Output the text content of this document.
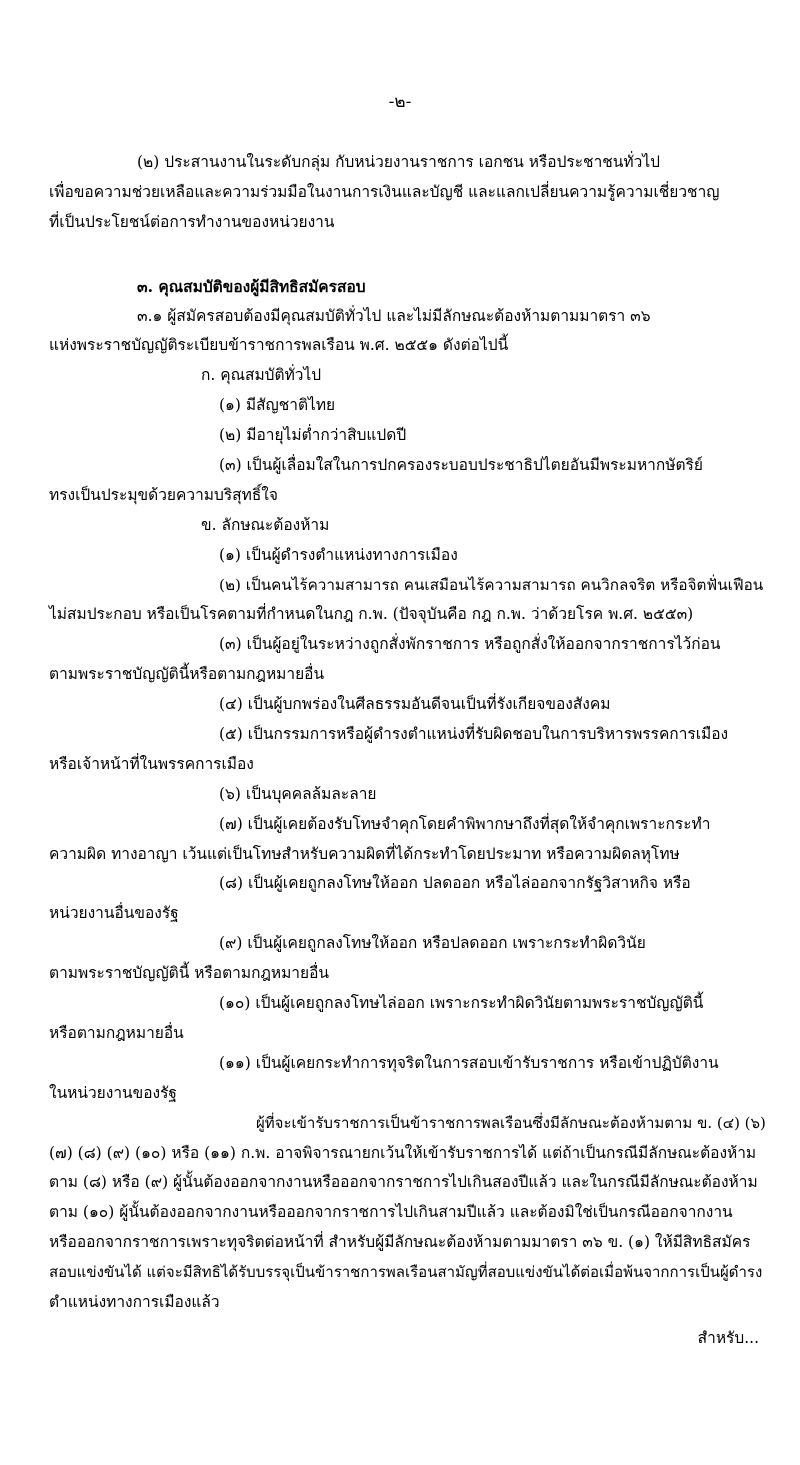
-๒-
(๒) ประสานงานในระดับกลุ่ม กับหน่วยงานราชการ เอกชน หรือประชาชนทั่วไป
เพื่อขอความช่วยเหลือและความร่วมมือในงานการเงินและบัญชี และแลกเปลี่ยนความรู้ความเชี่ยวชาญ
ที่เป็นประโยชน์ต่อการทำงานของหน่วยงาน
๓. คุณสมบัติของผู้มีสิทธิสมัครสอบ
๓.๑ ผู้สมัครสอบต้องมีคุณสมบัติทั่วไป และไม่มีลักษณะต้องห้ามตามมาตรา ๓๖
แห่งพระราชบัญญัติระเบียบข้าราชการพลเรือน พ.ศ. ๒๕๕๑ ดังต่อไปนี้
ก. คุณสมบัติทั่วไป
(๑) มีสัญชาติไทย
(๒) มีอายุไม่ต่ำกว่าสิบแปดปี
(๓) เป็นผู้เลื่อมใสในการปกครองระบอบประชาธิปไตยอันมีพระมหากษัตริย์
ทรงเป็นประมุขด้วยความบริสุทธิ์ใจ
ข. ลักษณะต้องห้าม
(๑) เป็นผู้ดำรงตำแหน่งทางการเมือง
(๒) เป็นคนไร้ความสามารถ คนเสมือนไร้ความสามารถ คนวิกลจริต หรือจิตฟั่นเฟือน
ไม่สมประกอบ หรือเป็นโรคตามที่กำหนดในกฎ ก.พ. (ปัจจุบันคือ กฎ ก.พ. ว่าด้วยโรค พ.ศ. ๒๕๕๓)
(๓) เป็นผู้อยู่ในระหว่างถูกสั่งพักราชการ หรือถูกสั่งให้ออกจากราชการไว้ก่อน
ตามพระราชบัญญัตินี้หรือตามกฎหมายอื่น
(๔) เป็นผู้บกพร่องในศีลธรรมอันดีจนเป็นที่รังเกียจของสังคม
(๕) เป็นกรรมการหรือผู้ดำรงตำแหน่งที่รับผิดชอบในการบริหารพรรคการเมือง
หรือเจ้าหน้าที่ในพรรคการเมือง
(๖) เป็นบุคคลล้มละลาย
(๗) เป็นผู้เคยต้องรับโทษจำคุกโดยคำพิพากษาถึงที่สุดให้จำคุกเพราะกระทำ
ความผิด ทางอาญา เว้นแต่เป็นโทษสำหรับความผิดที่ได้กระทำโดยประมาท หรือความผิดลหุโทษ
(๘) เป็นผู้เคยถูกลงโทษให้ออก ปลดออก หรือไล่ออกจากรัฐวิสาหกิจ หรือ
หน่วยงานอื่นของรัฐ
(๙) เป็นผู้เคยถูกลงโทษให้ออก หรือปลดออก เพราะกระทำผิดวินัย
ตามพระราชบัญญัตินี้ หรือตามกฎหมายอื่น
(๑๐) เป็นผู้เคยถูกลงโทษไล่ออก เพราะกระทำผิดวินัยตามพระราชบัญญัตินี้
หรือตามกฎหมายอื่น
(๑๑) เป็นผู้เคยกระทำการทุจริตในการสอบเข้ารับราชการ หรือเข้าปฏิบัติงาน
ในหน่วยงานของรัฐ
ผู้ที่จะเข้ารับราชการเป็นข้าราชการพลเรือนซึ่งมีลักษณะต้องห้ามตาม ข. (๔) (๖)
(๗) (๘) (๙) (๑๐) หรือ (๑๑) ก.พ. อาจพิจารณายกเว้นให้เข้ารับราชการได้ แต่ถ้าเป็นกรณีมีลักษณะต้องห้าม
ตาม (๘) หรือ (๙) ผู้นั้นต้องออกจากงานหรือออกจากราชการไปเกินสองปีแล้ว และในกรณีมีลักษณะต้องห้าม
ตาม (๑๐) ผู้นั้นต้องออกจากงานหรือออกจากราชการไปเกินสามปีแล้ว และต้องมิใช่เป็นกรณีออกจากงาน
หรือออกจากราชการเพราะทุจริตต่อหน้าที่ สำหรับผู้มีลักษณะต้องห้ามตามมาตรา ๓๖ ข. (๑) ให้มีสิทธิสมัคร
สอบแข่งขันได้ แต่จะมีสิทธิได้รับบรรจุเป็นข้าราชการพลเรือนสามัญที่สอบแข่งขันได้ต่อเมื่อพ้นจากการเป็นผู้ดำรง
ตำแหน่งทางการเมืองแล้ว
สำหรับ...
